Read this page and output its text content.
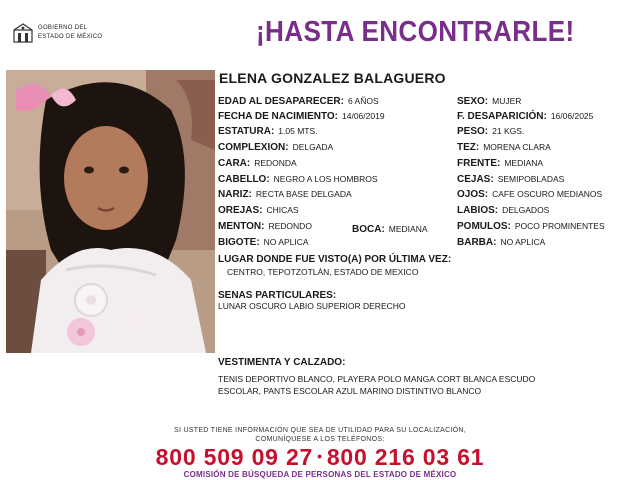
GOBIERNO DEL
ESTADO DE MÉXICO	¡HASTA ENCONTRARLE!
ELENA GONZALEZ BALAGUERO
EDAD AL DESAPARECER: 6 AÑOS
FECHA DE NACIMIENTO: 14/06/2019
ESTATURA: 1.05 MTS.
COMPLEXION: DELGADA
CARA: REDONDA
CABELLO: NEGRO A LOS HOMBROS
NARIZ: RECTA BASE DELGADA
OREJAS: CHICAS
MENTON: REDONDO
BIGOTE: NO APLICA
BOCA: MEDIANA
SEXO: MUJER
F. DESAPARICIÓN: 16/06/2025
PESO: 21 KGS.
TEZ: MORENA CLARA
FRENTE: MEDIANA
CEJAS: SEMIPOBLADAS
OJOS: CAFE OSCURO MEDIANOS
LABIOS: DELGADOS
POMULOS: POCO PROMINENTES
BARBA: NO APLICA
LUGAR DONDE FUE VISTO(A) POR ÚLTIMA VEZ:
CENTRO, TEPOTZOTLÁN, ESTADO DE MEXICO
SENAS PARTICULARES:
LUNAR OSCURO LABIO SUPERIOR DERECHO
VESTIMENTA Y CALZADO:
TENIS DEPORTIVO BLANCO, PLAYERA POLO MANGA CORT BLANCA ESCUDO
ESCOLAR, PANTS ESCOLAR AZUL MARINO DISTINTIVO BLANCO
SI USTED TIENE INFORMACIÓN QUE SEA DE UTILIDAD PARA SU LOCALIZACIÓN,
COMUNÍQUESE A LOS TELÉFONOS:
800 509 09 27 • 800 216 03 61
COMISIÓN DE BÚSQUEDA DE PERSONAS DEL ESTADO DE MÉXICO
